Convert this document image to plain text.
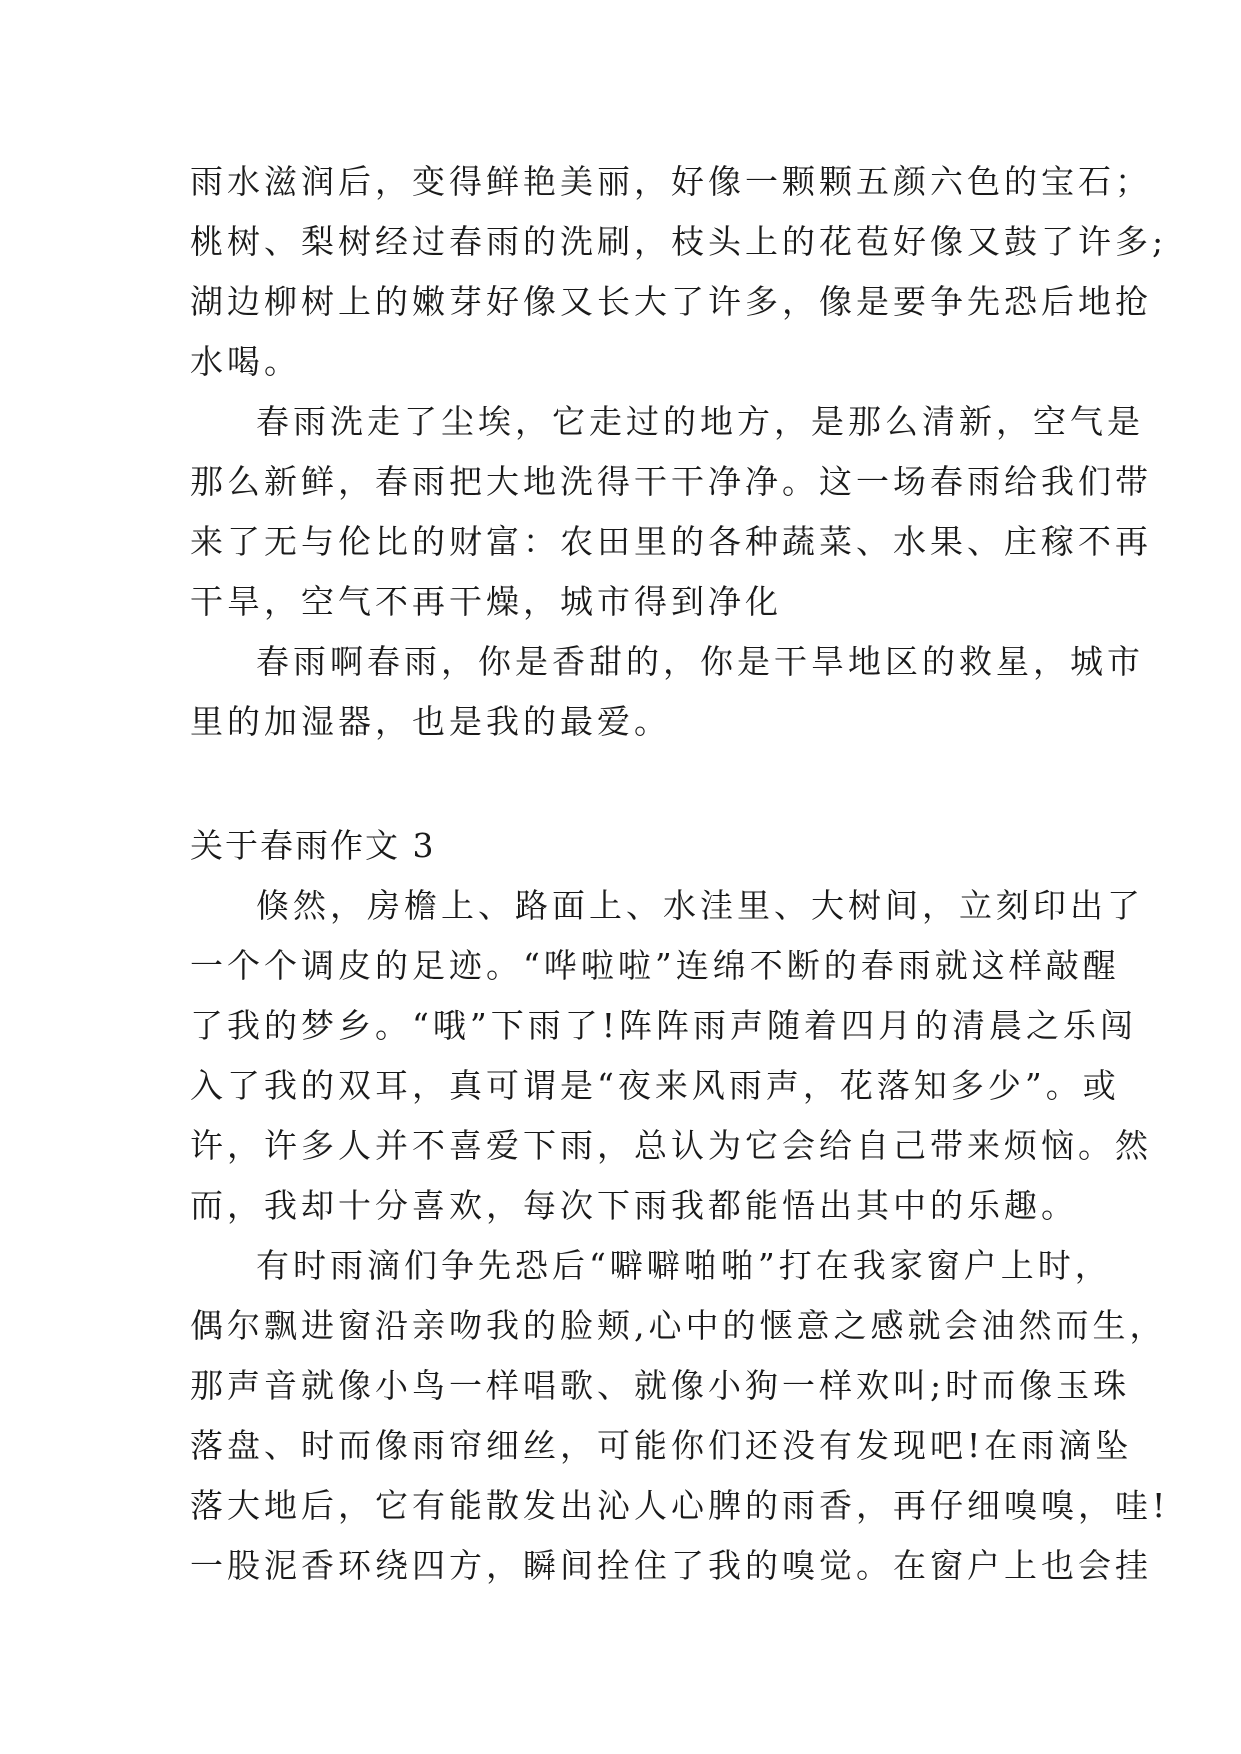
雨水滋润后，变得鲜艳美丽，好像一颗颗五颜六色的宝石；
桃树、梨树经过春雨的洗刷，枝头上的花苞好像又鼓了许多;
湖边柳树上的嫩芽好像又长大了许多，像是要争先恐后地抢
水喝。
春雨洗走了尘埃，它走过的地方，是那么清新，空气是
那么新鲜，春雨把大地洗得干干净净。这一场春雨给我们带
来了无与伦比的财富：农田里的各种蔬菜、水果、庄稼不再
干旱，空气不再干燥，城市得到净化
春雨啊春雨，你是香甜的，你是干旱地区的救星，城市
里的加湿器，也是我的最爱。
关于春雨作文 3
倏然，房檐上、路面上、水洼里、大树间，立刻印出了
一个个调皮的足迹。“哗啦啦”连绵不断的春雨就这样敲醒
了我的梦乡。“哦”下雨了!阵阵雨声随着四月的清晨之乐闯
入了我的双耳，真可谓是“夜来风雨声，花落知多少”。或
许，许多人并不喜爱下雨，总认为它会给自己带来烦恼。然
而，我却十分喜欢，每次下雨我都能悟出其中的乐趣。
有时雨滴们争先恐后“噼噼啪啪”打在我家窗户上时，
偶尔飘进窗沿亲吻我的脸颊,心中的惬意之感就会油然而生，
那声音就像小鸟一样唱歌、就像小狗一样欢叫;时而像玉珠
落盘、时而像雨帘细丝，可能你们还没有发现吧!在雨滴坠
落大地后，它有能散发出沁人心脾的雨香，再仔细嗅嗅，哇!
一股泥香环绕四方，瞬间拴住了我的嗅觉。在窗户上也会挂
